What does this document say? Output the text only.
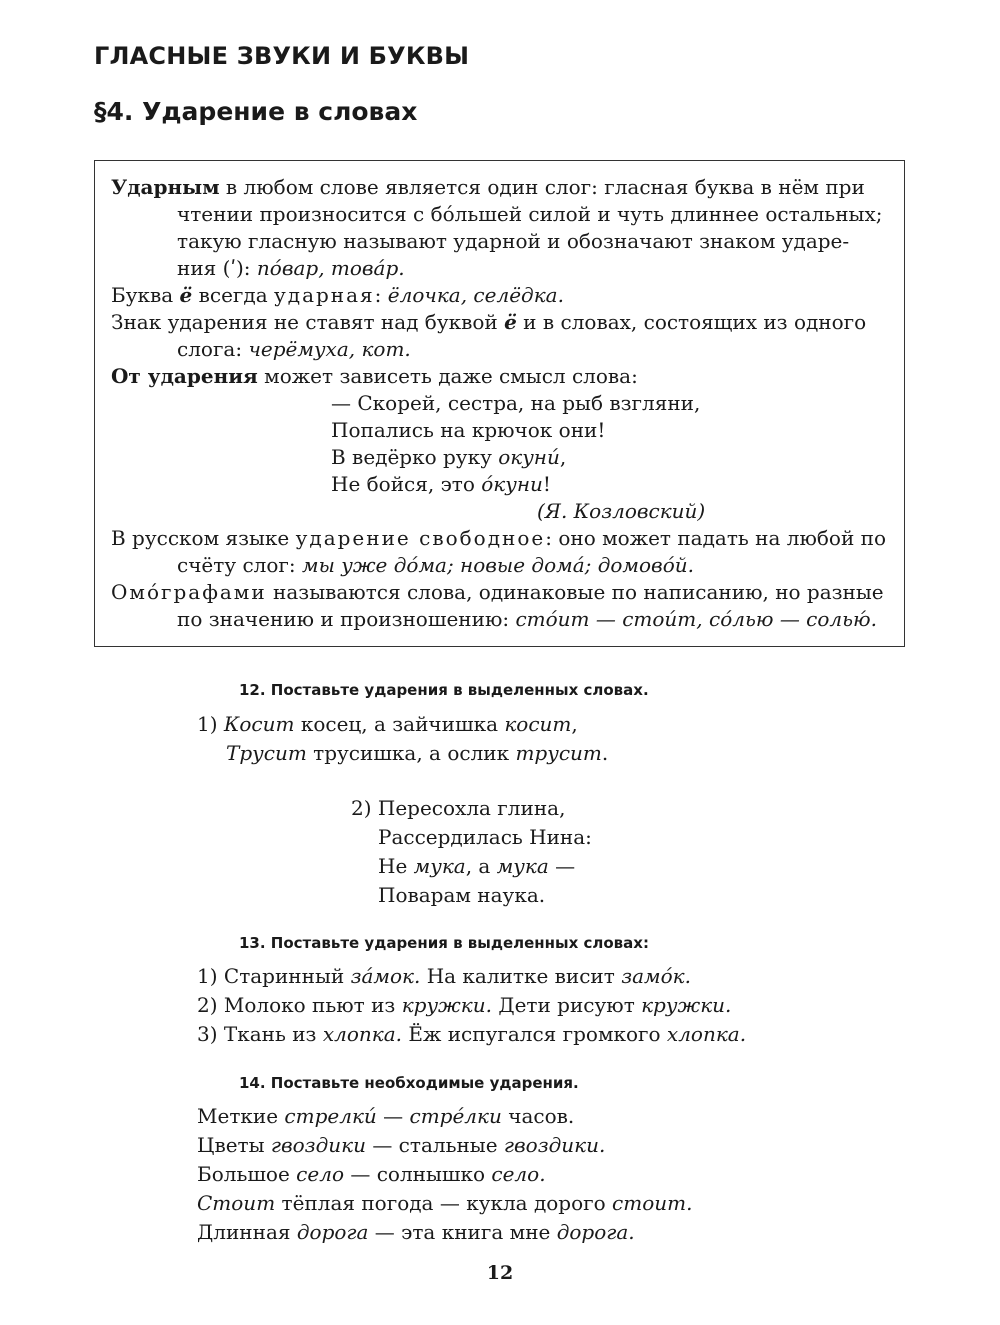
ГЛАСНЫЕ ЗВУКИ И БУКВЫ
§4. Ударение в словах
Ударным в любом слове является один слог: гласная буква в нём при
чтении произносится с бóльшей силой и чуть длиннее остальных;
такую гласную называют ударной и обозначают знаком ударе-
ния (ʹ): пóвар, товáр.
Буква ё всегда ударная: ёлочка, селёдка.
Знак ударения не ставят над буквой ё и в словах, состоящих из одного
слога: черёмуха, кот.
От ударения может зависеть даже смысл слова:
— Скорей, сестра, на рыб взгляни,
Попались на крючок они!
В ведёрко руку окунú,
Не бойся, это óкуни!
(Я. Козловский)
В русском языке ударение свободное: оно может падать на любой по
счёту слог: мы уже дóма; новые домá; домовóй.
Омóграфами называются слова, одинаковые по написанию, но разные
по значению и произношению: стóит — стоúт, сóлью — солью́.
12. Поставьте ударения в выделенных словах.
1) Косит косец, а зайчишка косит,
Трусит трусишка, а ослик трусит.
2) Пересохла глина,
Рассердилась Нина:
Не мука, а мука —
Поварам наука.
13. Поставьте ударения в выделенных словах:
1) Старинный зáмок. На калитке висит замóк.
2) Молоко пьют из кружки. Дети рисуют кружки.
3) Ткань из хлопка. Ёж испугался громкого хлопка.
14. Поставьте необходимые ударения.
Меткие стрелкú — стрéлки часов.
Цветы гвоздики — стальные гвоздики.
Большое село — солнышко село.
Стоит тёплая погода — кукла дорого стоит.
Длинная дорога — эта книга мне дорога.
12
